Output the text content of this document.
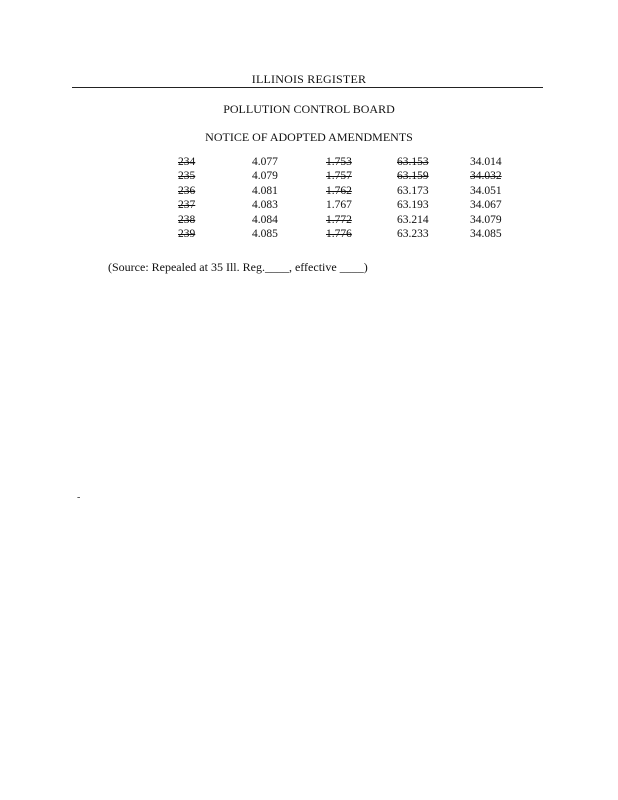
ILLINOIS REGISTER
POLLUTION CONTROL BOARD
NOTICE OF ADOPTED AMENDMENTS
234	4.077	1.753	63.153	34.014
235	4.079	1.757	63.159	34.032
236	4.081	1.762	63.173	34.051
237	4.083	1.767	63.193	34.067
238	4.084	1.772	63.214	34.079
239	4.085	1.776	63.233	34.085
(Source: Repealed at 35 Ill. Reg.____, effective ____)
-
